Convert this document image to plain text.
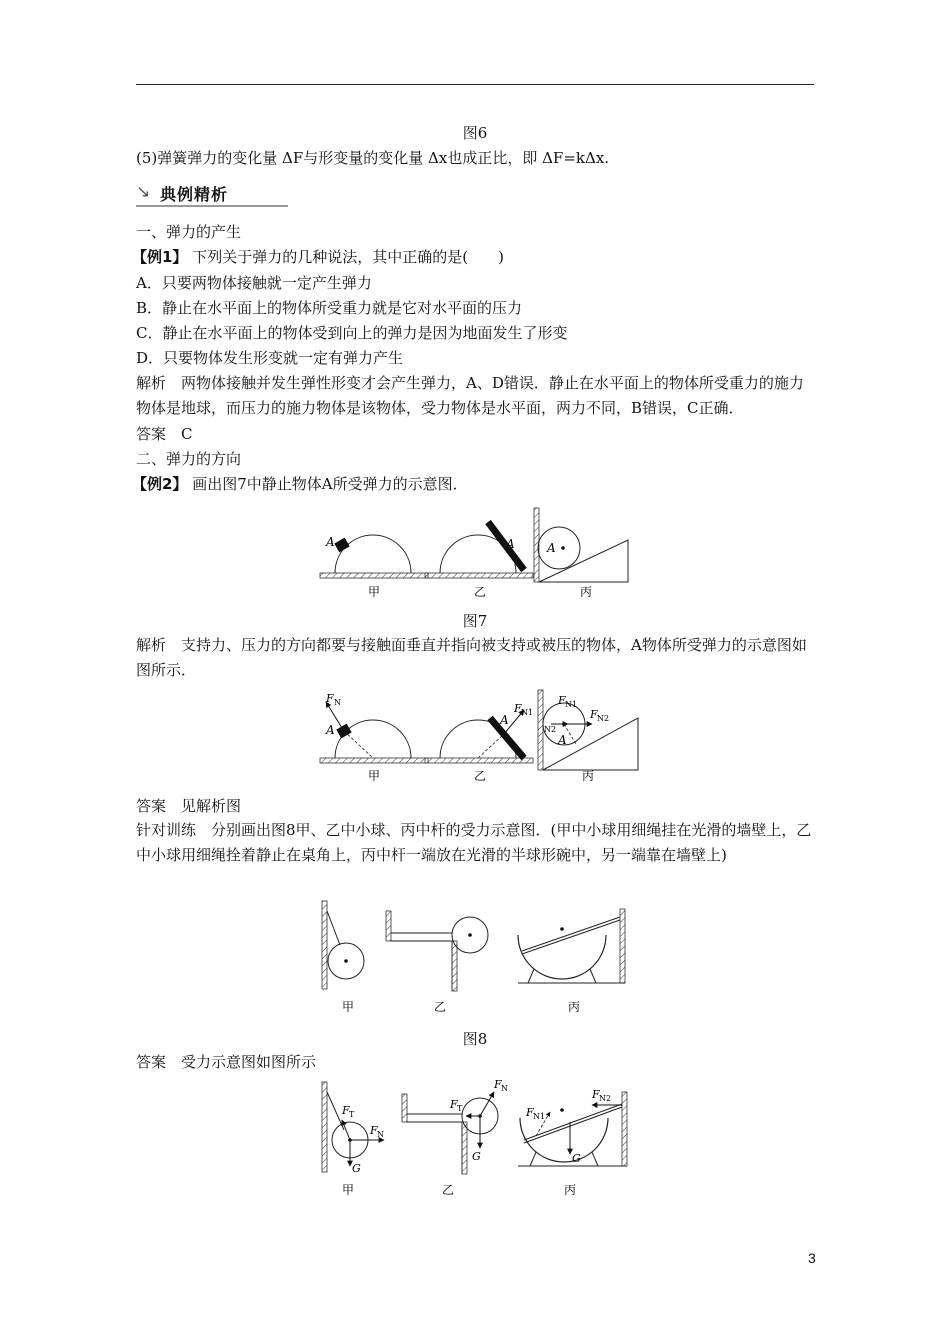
图6
(5)弹簧弹力的变化量 ΔF与形变量的变化量 Δx也成正比，即 ΔF=kΔx.
↘ 典例精析
一、弹力的产生
【例1】 下列关于弹力的几种说法，其中正确的是(　　)
A．只要两物体接触就一定产生弹力
B．静止在水平面上的物体所受重力就是它对水平面的压力
C．静止在水平面上的物体受到向上的弹力是因为地面发生了形变
D．只要物体发生形变就一定有弹力产生
解析　两物体接触并发生弹性形变才会产生弹力，A、D错误．静止在水平面上的物体所受重力的施力物体是地球，而压力的施力物体是该物体，受力物体是水平面，两力不同，B错误，C正确．
答案　C
二、弹力的方向
【例2】 画出图7中静止物体A所受弹力的示意图．
A
甲
A
乙
A
丙
图7
解析　支持力、压力的方向都要与接触面垂直并指向被支持或被压的物体，A物体所受弹力的示意图如图所示．
F N
A
甲
F N1
A
乙
F N1
F N2
N2
A
丙
答案　见解析图
针对训练　分别画出图8甲、乙中小球、丙中杆的受力示意图．(甲中小球用细绳挂在光滑的墙壁上，乙中小球用细绳拴着静止在桌角上，丙中杆一端放在光滑的半球形碗中，另一端靠在墙壁上)
甲	乙	丙
图8
答案　受力示意图如图所示
F T
F N
G
甲
F T
F N
G
乙
F N1
F N2
G
丙
3
